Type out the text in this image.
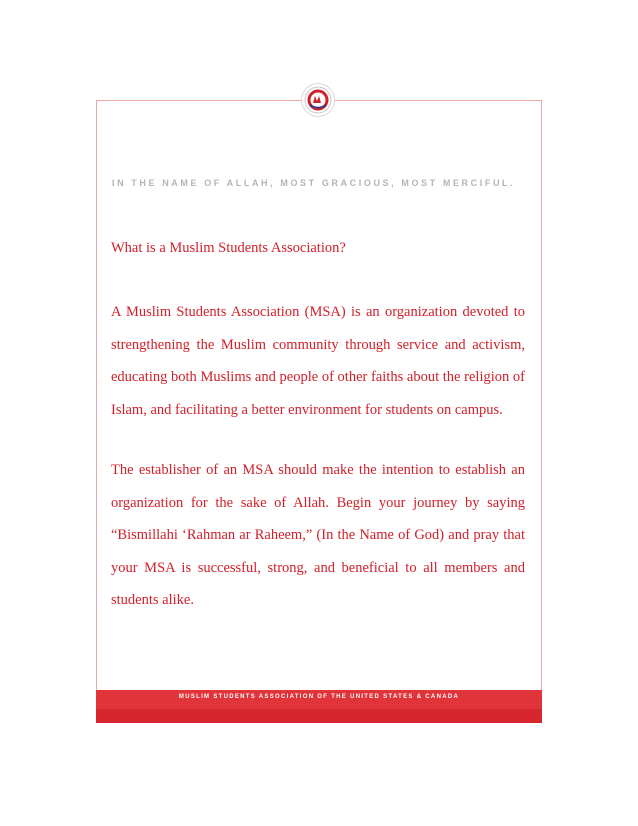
IN THE NAME OF ALLAH, MOST GRACIOUS, MOST MERCIFUL.
What is a Muslim Students Association?

A Muslim Students Association (MSA) is an organization devoted to strengthening the Muslim community through service and activism, educating both Muslims and people of other faiths about the religion of Islam, and facilitating a better environment for students on campus.

The establisher of an MSA should make the intention to establish an organization for the sake of Allah. Begin your journey by saying “Bismillahi ‘Rahman ar Raheem,” (In the Name of God) and pray that your MSA is successful, strong, and beneficial to all members and students alike.

MUSLIM STUDENTS ASSOCIATION OF THE UNITED STATES & CANADA
